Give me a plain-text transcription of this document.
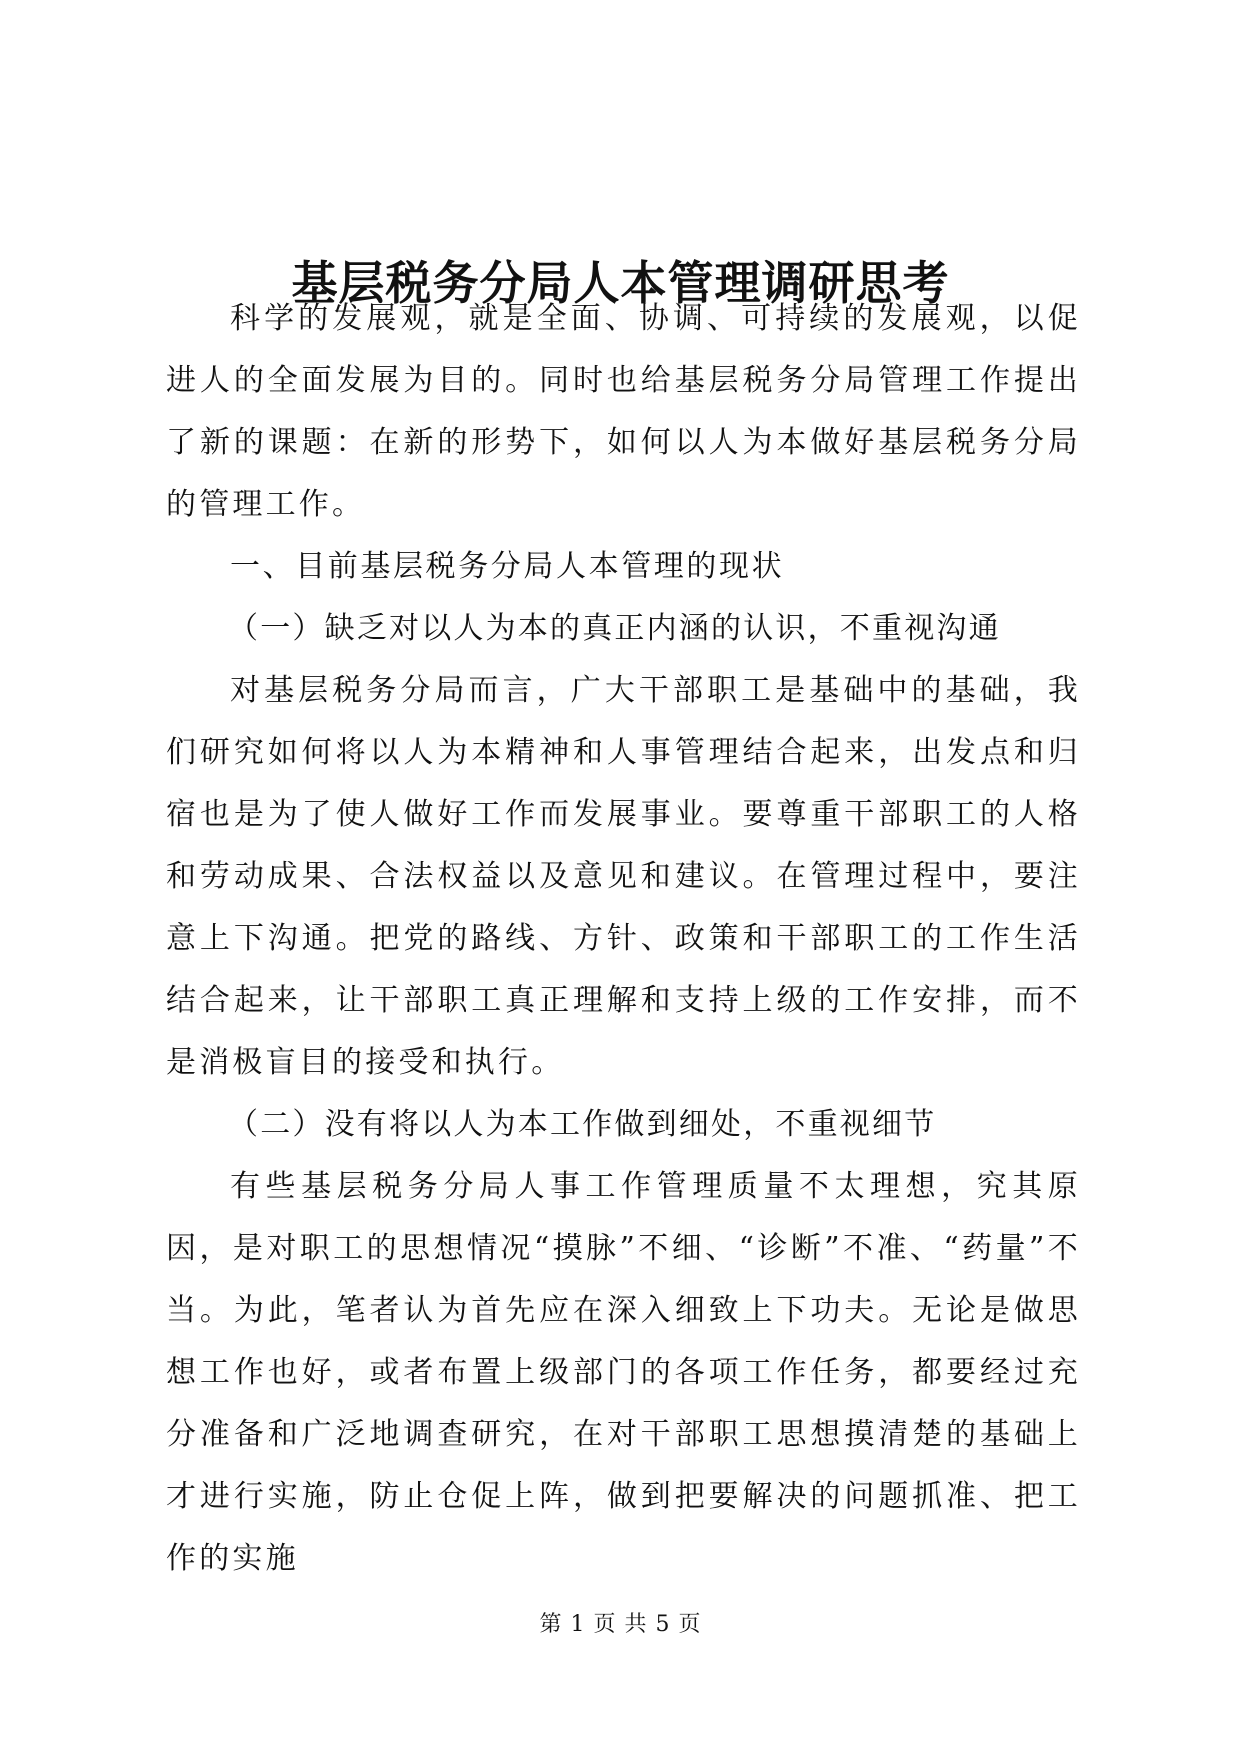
基层税务分局人本管理调研思考

科学的发展观，就是全面、协调、可持续的发展观，以促进人的全面发展为目的。同时也给基层税务分局管理工作提出了新的课题：在新的形势下，如何以人为本做好基层税务分局的管理工作。

一、目前基层税务分局人本管理的现状

（一）缺乏对以人为本的真正内涵的认识，不重视沟通

对基层税务分局而言，广大干部职工是基础中的基础，我们研究如何将以人为本精神和人事管理结合起来，出发点和归宿也是为了使人做好工作而发展事业。要尊重干部职工的人格和劳动成果、合法权益以及意见和建议。在管理过程中，要注意上下沟通。把党的路线、方针、政策和干部职工的工作生活结合起来，让干部职工真正理解和支持上级的工作安排，而不是消极盲目的接受和执行。

（二）没有将以人为本工作做到细处，不重视细节

有些基层税务分局人事工作管理质量不太理想，究其原因，是对职工的思想情况“摸脉”不细、“诊断”不准、“药量”不当。为此，笔者认为首先应在深入细致上下功夫。无论是做思想工作也好，或者布置上级部门的各项工作任务，都要经过充分准备和广泛地调查研究，在对干部职工思想摸清楚的基础上才进行实施，防止仓促上阵，做到把要解决的问题抓准、把工作的实施

第 1 页 共 5 页
